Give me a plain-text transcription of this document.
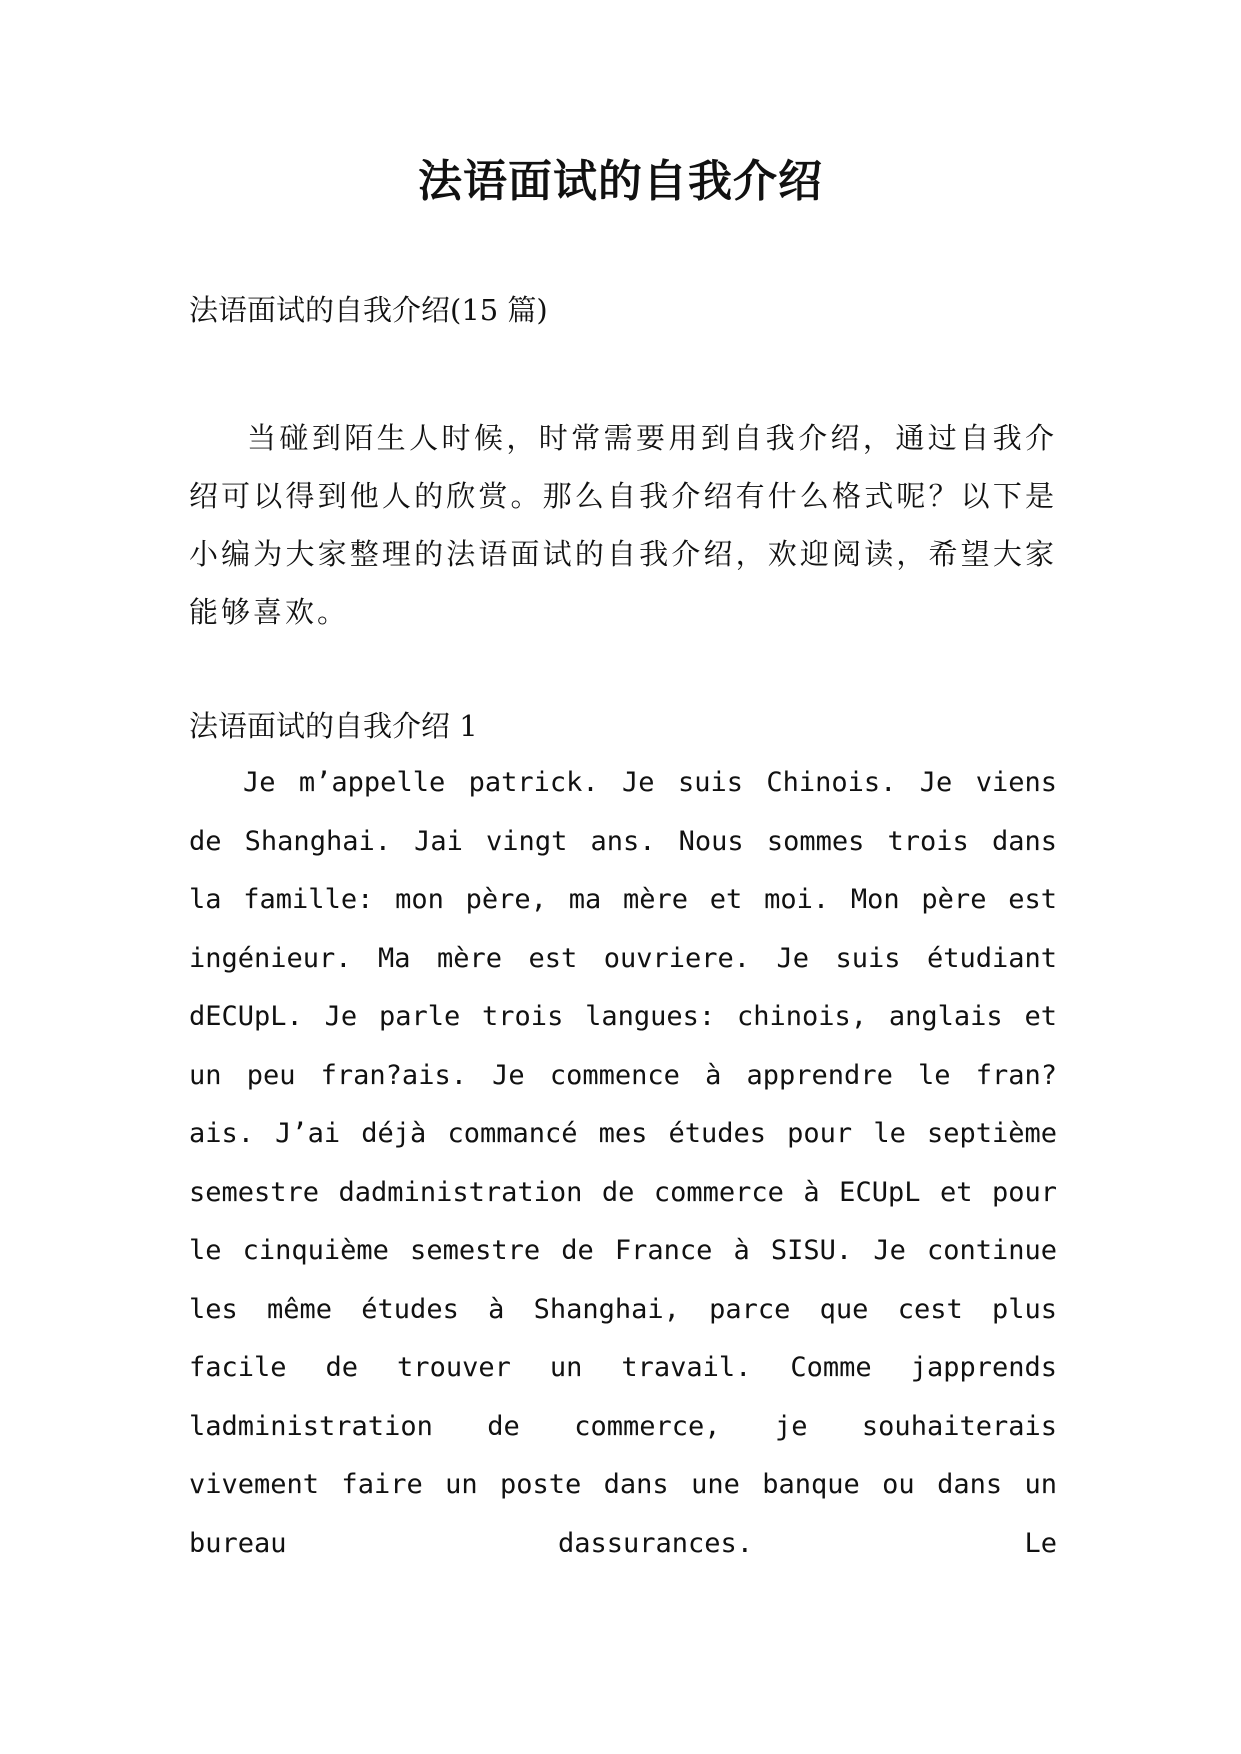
法语面试的自我介绍

法语面试的自我介绍(15 篇)

当碰到陌生人时候，时常需要用到自我介绍，通过自我介绍可以得到他人的欣赏。那么自我介绍有什么格式呢？以下是小编为大家整理的法语面试的自我介绍，欢迎阅读，希望大家能够喜欢。

法语面试的自我介绍 1

Je m’appelle patrick. Je suis Chinois. Je viens de Shanghai. Jai vingt ans. Nous sommes trois dans la famille: mon père, ma mère et moi. Mon père est ingénieur. Ma mère est ouvriere. Je suis étudiant dECUpL. Je parle trois langues: chinois, anglais et un peu fran?ais. Je commence à apprendre le fran?ais. J’ai déjà commancé mes études pour le septième semestre dadministration de commerce à ECUpL et pour le cinquième semestre de France à SISU. Je continue les même études à Shanghai, parce que cest plus facile de trouver un travail. Comme japprends ladministration de commerce, je souhaiterais vivement faire un poste dans une banque ou dans un bureau dassurances. Le
